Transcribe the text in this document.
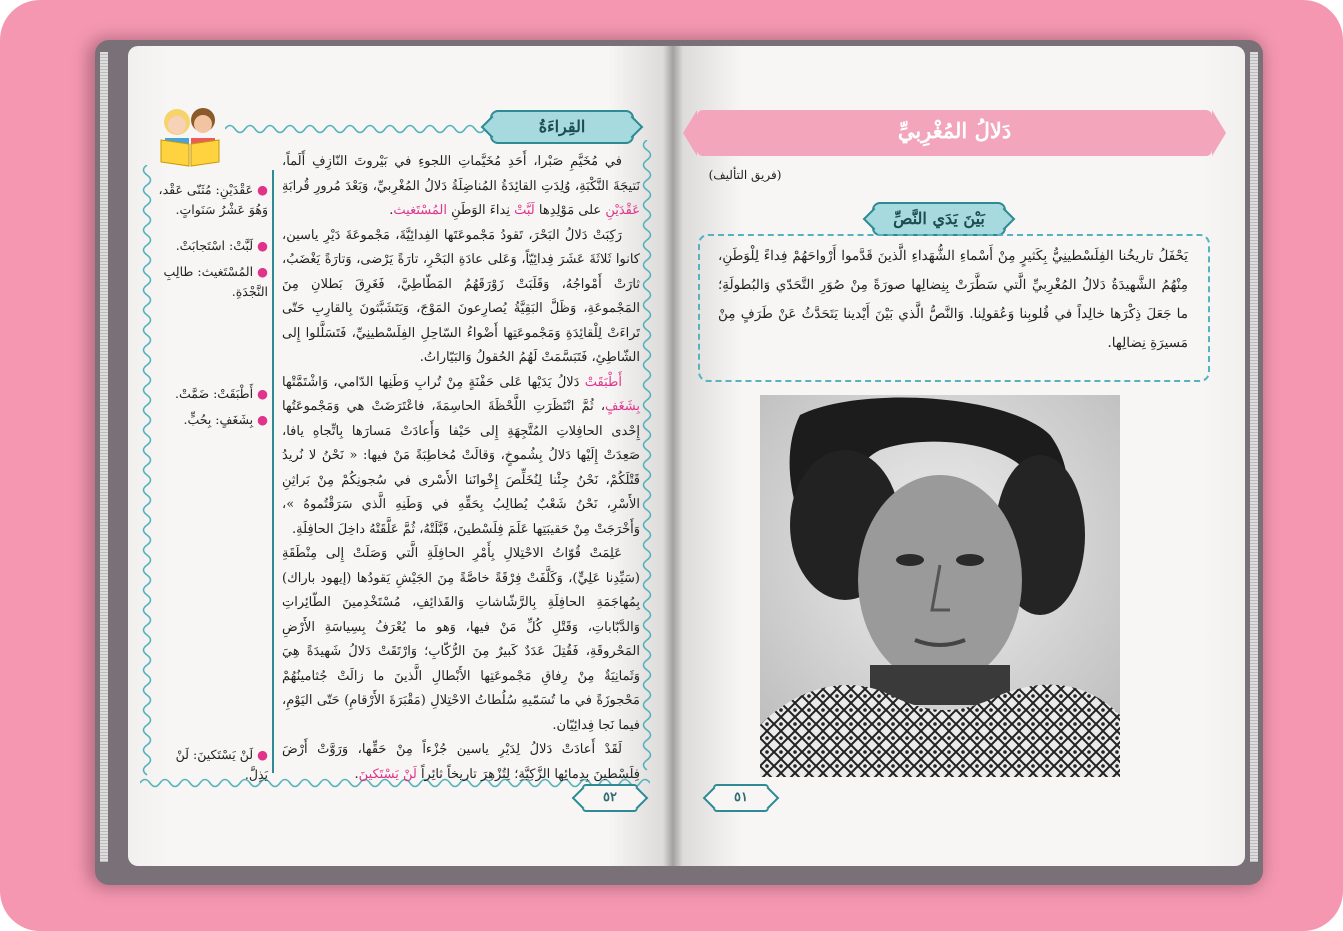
دَلالُ المُغْرِبيِّ
(فريق التأليف)
بَيْنَ يَدَي النَّصِّ
يَحْفَلُ تاريخُنا الفِلَسْطينِيُّ بِكَثيرٍ مِنْ أَسْماءِ الشُّهَداءِ الَّذينَ قَدَّموا أَرْواحَهُمْ فِداءً لِلْوَطَنِ، مِنْهُمُ الشَّهيدَةُ دَلالُ المُغْرِبيِّ الَّتي سَطَّرَتْ بِنِضالِها صورَةً مِنْ صُوَرِ التَّحَدّي وَالبُطولَةِ؛ ما جَعَلَ ذِكْرَها خالِداً في قُلوبِنا وَعُقولِنا. وَالنَّصُّ الَّذي بَيْنَ أَيْدينا يَتَحَدَّثُ عَنْ طَرَفٍ مِنْ مَسيرَةِ نِضالِها.
٥١
القِراءَةُ

في مُخَيَّمِ صَبْرا، أَحَدِ مُخَيَّماتِ اللجوءِ في بَيْروتَ النّازِفِ أَلَماً، نَتيجَةَ النَّكْبَةِ، وُلِدَتِ القائِدَةُ المُناضِلَةُ دَلالُ المُغْرِبيِّ، وَبَعْدَ مُرورِ قُرابَةِ عَقْدَيْنِ على مَوْلِدِها لَبَّتْ نِداءَ الوَطَنِ المُسْتَغيث.

رَكِبَتْ دَلالُ البَحْرَ، تَقودُ مَجْموعَتَها الفِدائِيَّةَ، مَجْموعَةَ دَيْرِ ياسين، كانوا ثَلاثَةَ عَشَرَ فِدائِيّاً، وَعَلى عادَةِ البَحْرِ، تارَةً يَرْضى، وَتارَةً يَغْضَبُ، ثارَتْ أَمْواجُهُ، وَقَلَبَتْ زَوْرَقَهُمُ المَطّاطِيَّ، فَغَرِقَ بَطلانِ مِنَ المَجْموعَةِ، وَظَلَّ البَقِيَّةُ يُصارِعونَ المَوْجَ، وَيَتَشَبَّثونَ بِالقارِبِ حَتّى تَراءَتْ لِلْقائِدَةِ وَمَجْموعَتِها أَضْواءُ السّاحِلِ الفِلَسْطينِيِّ، فَتَسَلَّلوا إِلى الشّاطِئِ، فَتَبَسَّمَتْ لَهُمُ الحُقولُ وَالبَيّاراتُ.

أَطْبَقَتْ دَلالُ يَدَيْها عَلى حَفْنَةٍ مِنْ تُرابِ وَطَنِها الدّامي، وَاشْتَمَّتْها بِشَغَفٍ، ثُمَّ انْتَظَرَتِ اللَّحْظَةَ الحاسِمَةَ، فاعْتَرَضَتْ هي وَمَجْموعَتُها إِحْدى الحافِلاتِ المُتَّجِهَةِ إِلى حَيْفا وَأَعادَتْ مَسارَها بِاتِّجاهِ يافا، صَعِدَتْ إِلَيْها دَلالُ بِشُموخٍ، وَقالَتْ مُخاطِبَةً مَنْ فيها: « نَحْنُ لا نُريدُ قَتْلَكُمْ، نَحْنُ جِئْنا لِنُخَلِّصَ إِخْوانَنا الأَسْرى في سُجونِكُمْ مِنْ بَراثِنِ الأَسْرِ، نَحْنُ شَعْبٌ يُطالِبُ بِحَقِّهِ في وَطَنِهِ الَّذي سَرَقْتُموهُ »، وَأَخْرَجَتْ مِنْ حَقيبَتِها عَلَمَ فِلَسْطينَ، قَبَّلَتْهُ، ثُمَّ عَلَّقَتْهُ داخِلَ الحافِلَةِ.

عَلِمَتْ قُوّاتُ الاحْتِلالِ بِأَمْرِ الحافِلَةِ الَّتي وَصَلَتْ إِلى مِنْطَقَةِ (سَيِّدِنا عَلِيٍّ)، وَكَلَّفَتْ فِرْقَةً خاصَّةً مِنَ الجَيْشِ يَقودُها (إيهود باراك) بِمُهاجَمَةِ الحافِلَةِ بِالرَّشّاشاتِ وَالقَذائِفِ، مُسْتَخْدِمينَ الطّائِراتِ وَالدَّبّاباتِ، وَقَتْلِ كُلِّ مَنْ فيها، وَهو ما يُعْرَفُ بِسِياسَةِ الأَرْضِ المَحْروقَةِ، فَقُتِلَ عَدَدٌ كَبيرٌ مِنَ الرُّكّابِ؛ وَارْتَقَتْ دَلالُ شَهيدَةً هِيَ وَثَمانِيَةٌ مِنْ رِفاقِ مَجْموعَتِها الأَبْطالِ الَّذينَ ما زالَتْ جُثامينُهُمْ مَحْجوزَةً في ما تُسَمّيهِ سُلُطاتُ الاحْتِلالِ (مَقْبَرَةَ الأَرْقامِ) حَتّى اليَوْمِ، فيما نَجا فِدائِيّان.

لَقَدْ أَعادَتْ دَلالُ لِدَيْرِ ياسين جُزْءاً مِنْ حَقِّها، وَرَوَّتْ أَرْضَ فِلَسْطينَ بِدِمائِها الزَّكِيَّةِ؛ لِتُزْهِرَ تاريخاً ثائِراً لَنْ يَسْتَكينَ.

● عَقْدَيْنِ: مُثَنّى عَقْد، وَهُوَ عَشْرُ سَنَواتٍ.
● لَبَّتْ: اسْتَجابَتْ.
● المُسْتَغيث: طالِبِ النَّجْدَةِ.
● أَطْبَقَتْ: ضَمَّتْ.
● بِشَغَفٍ: بِحُبٍّ.
● لَنْ يَسْتَكينَ: لَنْ يَذِلَّ.
٥٢
